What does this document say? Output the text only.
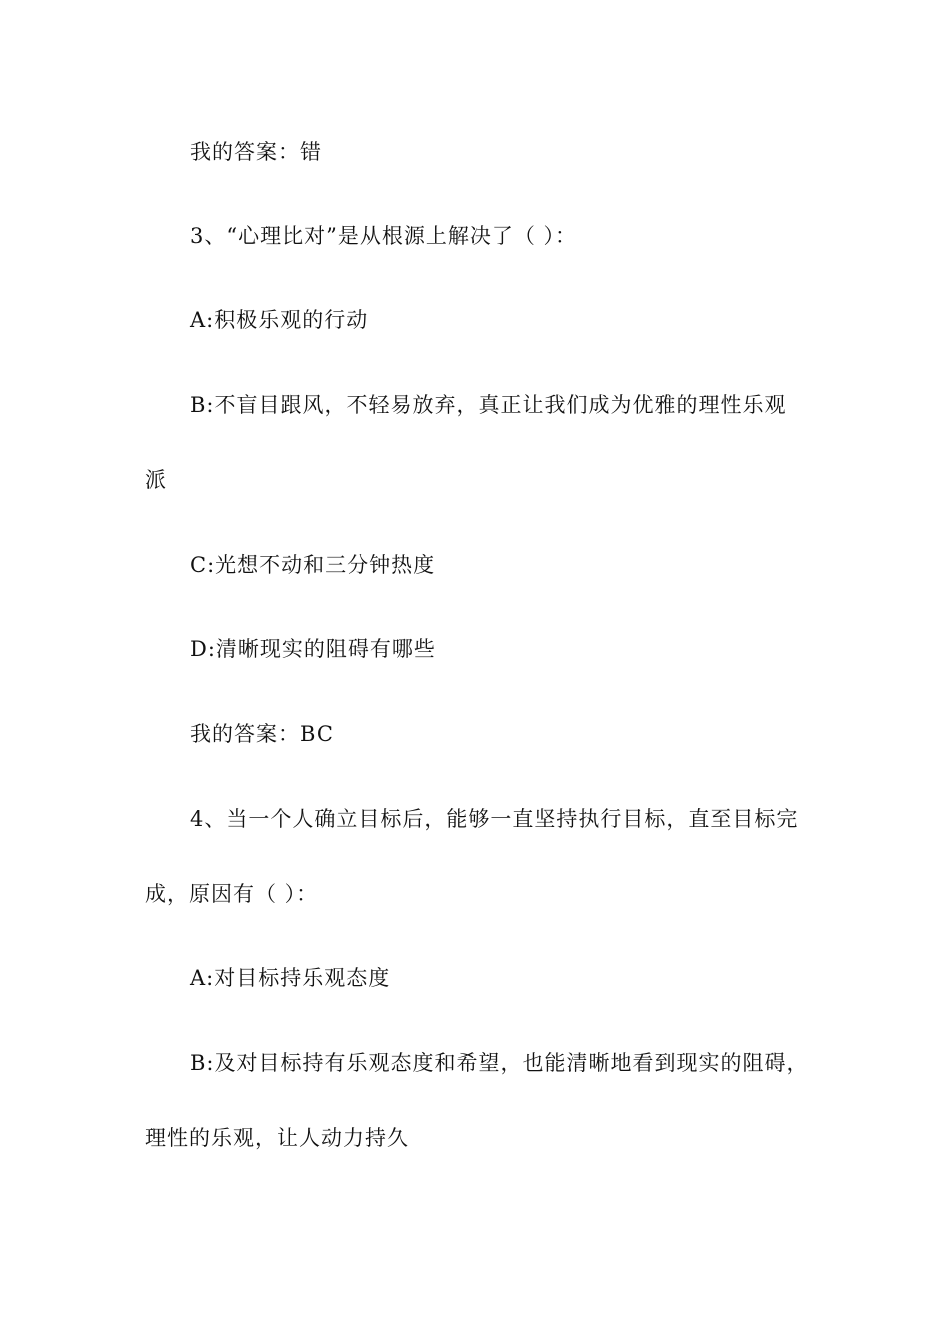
我的答案：错
3、“心理比对”是从根源上解决了（ ）：
A:积极乐观的行动
B:不盲目跟风，不轻易放弃，真正让我们成为优雅的理性乐观
派
C:光想不动和三分钟热度
D:清晰现实的阻碍有哪些
我的答案：BC
4、当一个人确立目标后，能够一直坚持执行目标，直至目标完
成，原因有（ ）：
A:对目标持乐观态度
B:及对目标持有乐观态度和希望，也能清晰地看到现实的阻碍，
理性的乐观，让人动力持久
